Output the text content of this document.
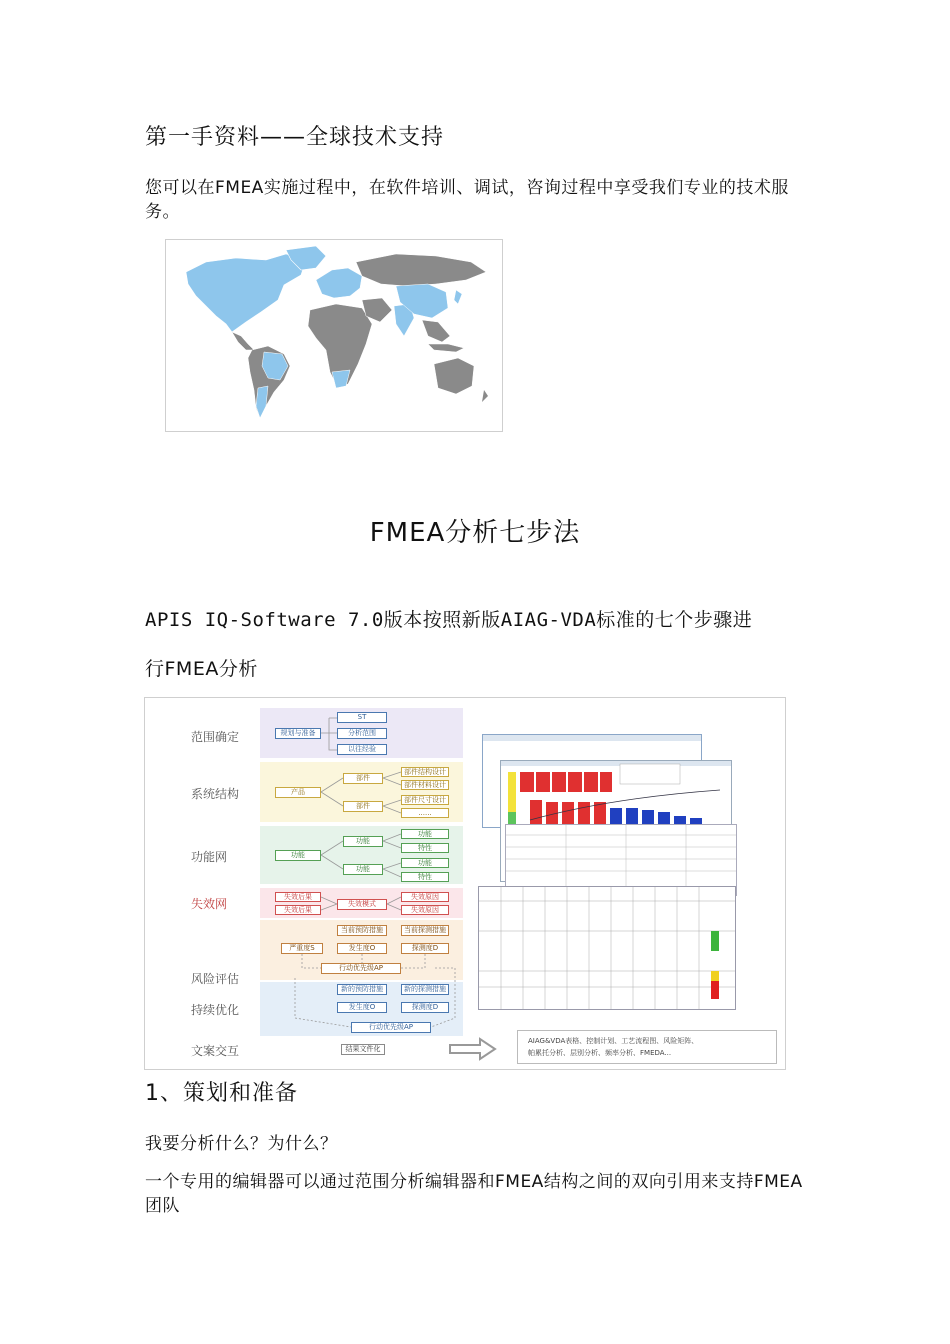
第一手资料——全球技术支持
您可以在FMEA实施过程中，在软件培训、调试，咨询过程中享受我们专业的技术服务。
FMEA分析七步法
APIS IQ-Software 7.0版本按照新版AIAG-VDA标准的七个步骤进
行FMEA分析
范围确定
系统结构
功能网
失效网
风险评估
持续优化
文案交互
ST
分析范围
规划与准备
以往经验
产品
部件
部件
部件结构设计
部件材料设计
部件尺寸设计
......
功能
功能
功能
功能
特性
功能
特性
失效后果
失效后果
失效模式
失效原因
失效原因
当前预防措施	当前探测措施
严重度S	发生度O	探测度D
行动优先级AP
新的预防措施	新的探测措施
发生度O	探测度D
行动优先级AP
结果文件化
AIAG&VDA表格、控制计划、工艺流程图、风险矩阵、
帕累托分析、层别分析、频率分析、FMEDA...
1、策划和准备
我要分析什么？为什么？
一个专用的编辑器可以通过范围分析编辑器和FMEA结构之间的双向引用来支持FMEA团队
